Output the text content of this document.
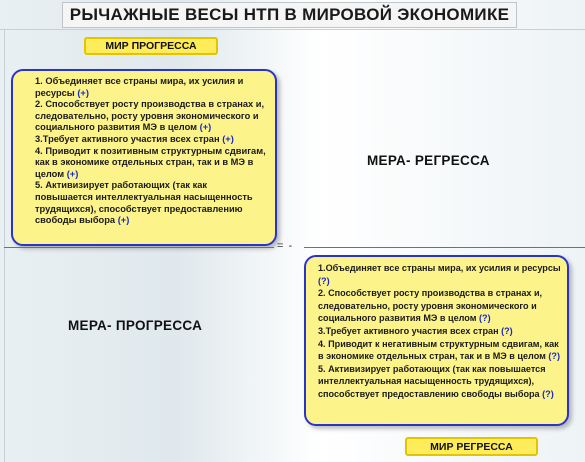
РЫЧАЖНЫЕ ВЕСЫ НТП В МИРОВОЙ ЭКОНОМИКЕ
МИР ПРОГРЕССА
1. Объединяет все страны мира, их усилия и ресурсы (+)
2. Способствует росту производства в странах и, следовательно, росту уровня экономического и социального развития МЭ в целом (+)
3.Требует активного участия всех стран (+)
4. Приводит к позитивным структурным сдвигам, как в экономике отдельных стран, так и в МЭ в целом (+)
5. Активизирует работающих (так как повышается интеллектуальная насыщенность трудящихся), способствует предоставлению свободы выбора (+)
МЕРА- РЕГРЕССА
= -
МЕРА- ПРОГРЕССА
1.Объединяет все страны мира, их усилия и ресурсы (?)
2. Способствует росту производства в странах и, следовательно, росту уровня экономического и социального развития МЭ в целом (?)
3.Требует активного участия всех стран (?)
4. Приводит к негативным структурным сдвигам, как в экономике отдельных стран, так и в МЭ в целом (?)
5. Активизирует работающих (так как повышается интеллектуальная насыщенность трудящихся), способствует предоставлению свободы выбора (?)
МИР РЕГРЕССА
